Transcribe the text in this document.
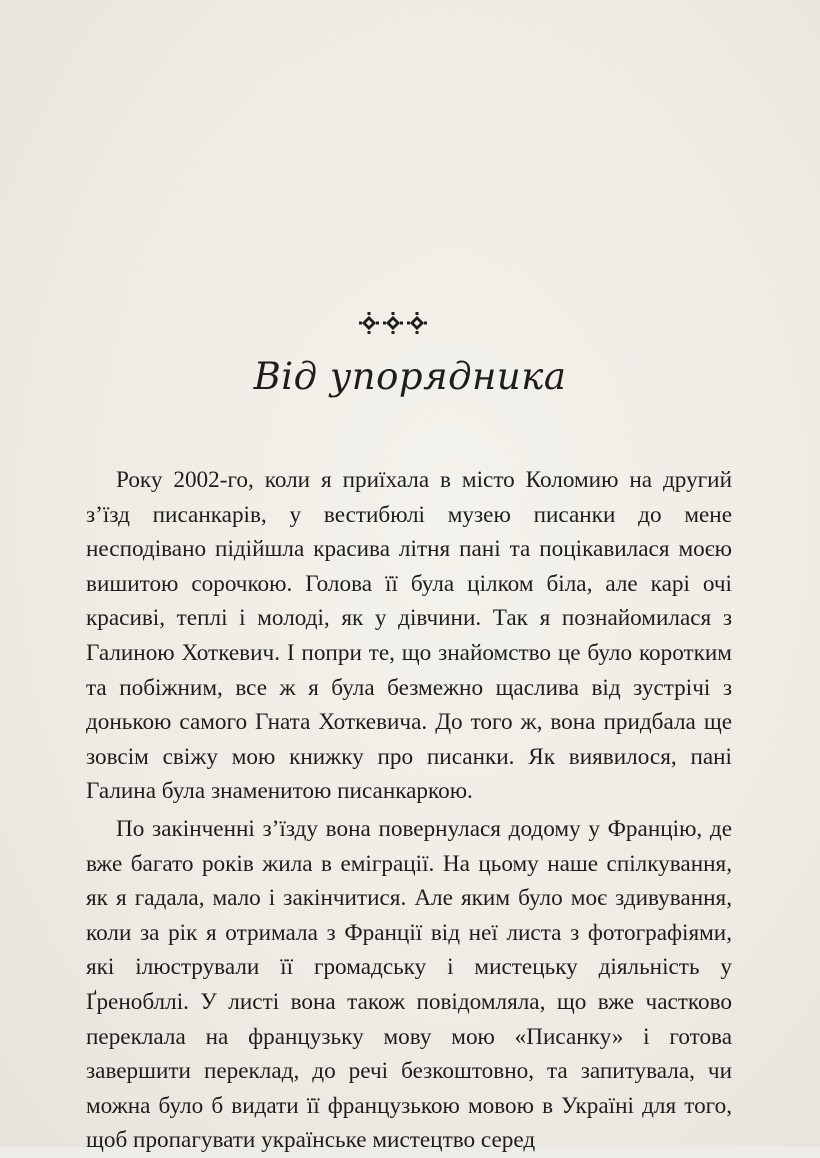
Від упорядника

Року 2002-го, коли я приїхала в місто Коломию на другий з’їзд писанкарів, у вестибюлі музею писанки до мене несподівано підійшла красива літня пані та поцікавилася моєю вишитою сорочкою. Голова її була цілком біла, але карі очі красиві, теплі і молоді, як у дівчини. Так я познайомилася з Галиною Хоткевич. І попри те, що знайомство це було коротким та побіжним, все ж я була безмежно щаслива від зустрічі з донькою самого Гната Хоткевича. До того ж, вона придбала ще зовсім свіжу мою книжку про писанки. Як виявилося, пані Галина була знаменитою писанкаркою.

По закінченні з’їзду вона повернулася додому у Францію, де вже багато років жила в еміграції. На цьому наше спілкування, як я гадала, мало і закінчитися. Але яким було моє здивування, коли за рік я отримала з Франції від неї листа з фотографіями, які ілюстрували її громадську і мистецьку діяльність у Ґренобллі. У листі вона також повідомляла, що вже частково переклала на французьку мову мою «Писанку» і готова завершити переклад, до речі безкоштовно, та запитувала, чи можна було б видати її французькою мовою в Україні для того, щоб пропагувати українське мистецтво серед
